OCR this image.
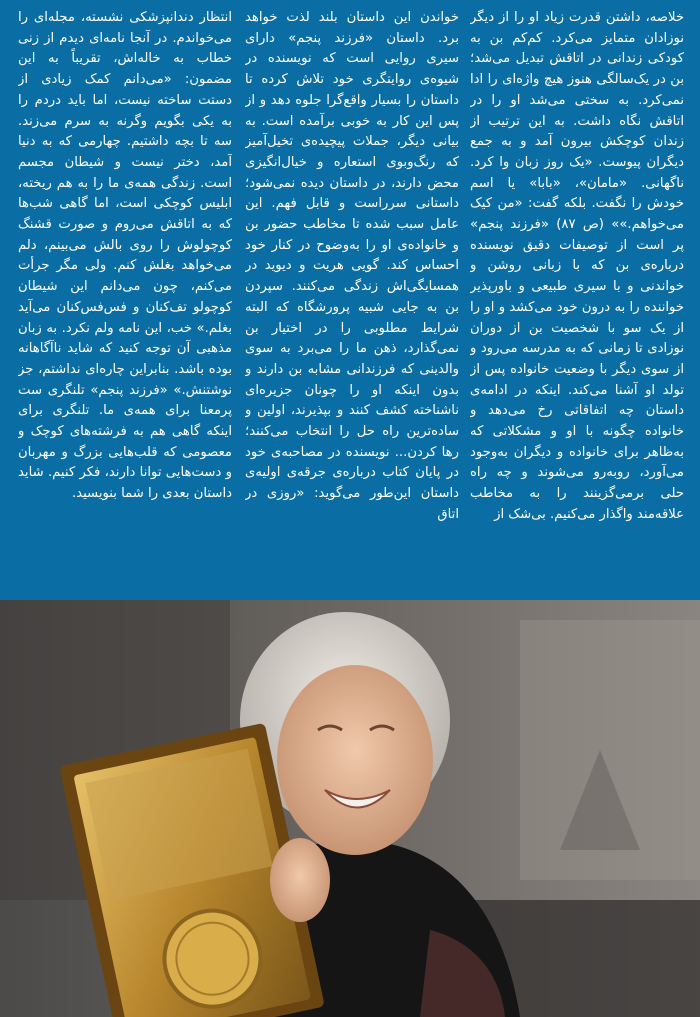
خلاصه، داشتن قدرت زیاد او را از دیگر نوزادان متمایز می‌کرد. کم‌کم بن به کودکی زندانی در اتاقش تبدیل می‌شد؛ بن در یک‌سالگی هنوز هیچ واژه‌ای را ادا نمی‌کرد. به سختی می‌شد او را در اتاقش نگاه داشت. به این ترتیب از زندان کوچکش بیرون آمد و به جمع دیگران پیوست. «یک روز زبان وا کرد. ناگهانی. «مامان»، «بابا» یا اسم خودش را نگفت. بلکه گفت: «من کیک می‌خواهم.»» (ص ۸۷) «فرزند پنجم» پر است از توصیفات دقیق نویسنده درباره‌ی بن که با زبانی روشن و خواندنی و با سیری طبیعی و باورپذیر خواننده را به درون خود می‌کشد و او را از یک سو با شخصیت بن از دوران نوزادی تا زمانی که به مدرسه می‌رود و از سوی دیگر با وضعیت خانواده پس از تولد او آشنا می‌کند. اینکه در ادامه‌ی داستان چه اتفاقاتی رخ می‌دهد و خانواده چگونه با او و مشکلاتی که به‌ظاهر برای خانواده و دیگران به‌وجود می‌آورد، روبه‌رو می‌شوند و چه راه حلی برمی‌گزینند را به مخاطب علاقه‌مند واگذار می‌کنیم. بی‌شک از

خواندن این داستان بلند لذت خواهد برد. داستان «فرزند پنجم» دارای سیری روایی است که نویسنده در شیوه‌ی روایتگری خود تلاش کرده تا داستان را بسیار واقع‌گرا جلوه دهد و از پس این کار به خوبی برآمده است. به بیانی دیگر، جملات پیچیده‌ی تخیل‌آمیز که رنگ‌وبوی استعاره و خیال‌انگیزی محض دارند، در داستان دیده نمی‌شود؛ داستانی سرراست و قابل فهم. این عامل سبب شده تا مخاطب حضور بن و خانواده‌ی او را به‌وضوح در کنار خود احساس کند. گویی هریت و دیوید در همسایگی‌اش زندگی می‌کنند. سپردن بن به جایی شبیه پرورشگاه که البته شرایط مطلوبی را در اختیار بن نمی‌گذارد، ذهن ما را می‌برد به سوی والدینی که فرزندانی مشابه بن دارند و بدون اینکه او را چونان جزیره‌ای ناشناخته کشف کنند و بپذیرند، اولین و ساده‌ترین راه حل را انتخاب می‌کنند؛ رها کردن... نویسنده در مصاحبه‌ی خود در پایان کتاب درباره‌ی جرقه‌ی اولیه‌ی داستان این‌طور می‌گوید: «روزی در اتاق

انتظار دندانپزشکی نشسته، مجله‌ای را می‌خواندم. در آنجا نامه‌ای دیدم از زنی خطاب به خاله‌اش، تقریباً به این مضمون: «می‌دانم کمک زیادی از دستت ساخته نیست، اما باید دردم را به یکی بگویم وگرنه به سرم می‌زند. سه تا بچه داشتیم. چهارمی که به دنیا آمد، دختر نیست و شیطان مجسم است. زندگی همه‌ی ما را به هم ریخته، ابلیس کوچکی است، اما گاهی شب‌ها که به اتاقش می‌روم و صورت قشنگ کوچولوش را روی بالش می‌بینم، دلم می‌خواهد بغلش کنم. ولی مگر جرأت می‌کنم، چون می‌دانم این شیطان کوچولو تف‌کنان و فس‌فس‌کنان می‌آید بغلم.» خب، این نامه ولم نکرد. به زبان مذهبی آن توجه کنید که شاید ناآگاهانه بوده باشد. بنابراین چاره‌ای نداشتم، جز نوشتنش.» «فرزند پنجم» تلنگری ست پرمعنا برای همه‌ی ما. تلنگری برای اینکه گاهی هم به فرشته‌های کوچک و معصومی که قلب‌هایی بزرگ و مهربان و دست‌هایی توانا دارند، فکر کنیم. شاید داستان بعدی را شما بنویسید.
